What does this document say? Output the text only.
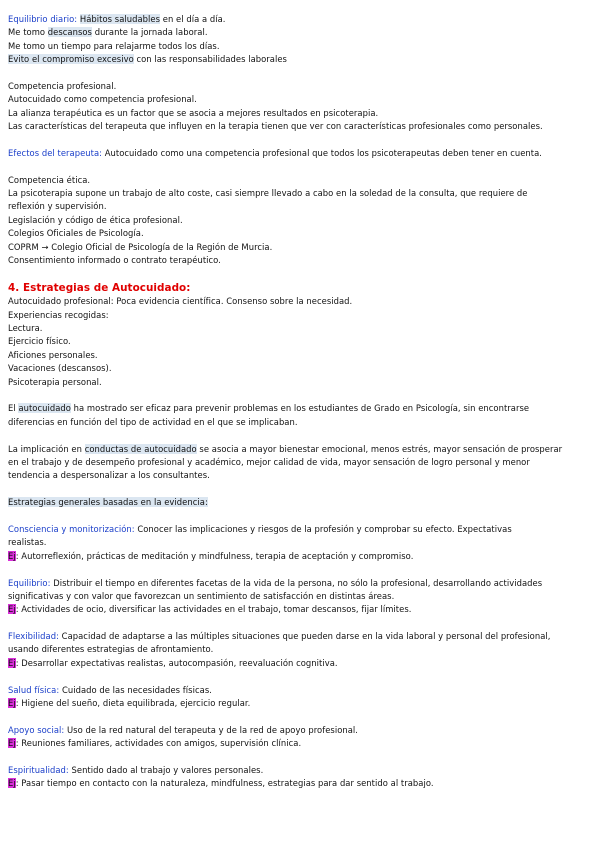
Equilibrio diario: Hábitos saludables en el día a día.
Me tomo descansos durante la jornada laboral.
Me tomo un tiempo para relajarme todos los días.
Evito el compromiso excesivo con las responsabilidades laborales
Competencia profesional.
Autocuidado como competencia profesional.
La alianza terapéutica es un factor que se asocia a mejores resultados en psicoterapia.
Las características del terapeuta que influyen en la terapia tienen que ver con características profesionales como personales.
Efectos del terapeuta: Autocuidado como una competencia profesional que todos los psicoterapeutas deben tener en cuenta.
Competencia ética.
La psicoterapia supone un trabajo de alto coste, casi siempre llevado a cabo en la soledad de la consulta, que requiere de
reflexión y supervisión.
Legislación y código de ética profesional.
Colegios Oficiales de Psicología.
COPRM → Colegio Oficial de Psicología de la Región de Murcia.
Consentimiento informado o contrato terapéutico.
4. Estrategias de Autocuidado:
Autocuidado profesional: Poca evidencia científica. Consenso sobre la necesidad.
Experiencias recogidas:
Lectura.
Ejercicio físico.
Aficiones personales.
Vacaciones (descansos).
Psicoterapia personal.
El autocuidado ha mostrado ser eficaz para prevenir problemas en los estudiantes de Grado en Psicología, sin encontrarse
diferencias en función del tipo de actividad en el que se implicaban.
La implicación en conductas de autocuidado se asocia a mayor bienestar emocional, menos estrés, mayor sensación de prosperar
en el trabajo y de desempeño profesional y académico, mejor calidad de vida, mayor sensación de logro personal y menor
tendencia a despersonalizar a los consultantes.
Estrategias generales basadas en la evidencia:
Consciencia y monitorización: Conocer las implicaciones y riesgos de la profesión y comprobar su efecto. Expectativas
realistas.
Ej: Autorreflexión, prácticas de meditación y mindfulness, terapia de aceptación y compromiso.
Equilibrio: Distribuir el tiempo en diferentes facetas de la vida de la persona, no sólo la profesional, desarrollando actividades
significativas y con valor que favorezcan un sentimiento de satisfacción en distintas áreas.
Ej: Actividades de ocio, diversificar las actividades en el trabajo, tomar descansos, fijar límites.
Flexibilidad: Capacidad de adaptarse a las múltiples situaciones que pueden darse en la vida laboral y personal del profesional,
usando diferentes estrategias de afrontamiento.
Ej: Desarrollar expectativas realistas, autocompasión, reevaluación cognitiva.
Salud física: Cuidado de las necesidades físicas.
Ej: Higiene del sueño, dieta equilibrada, ejercicio regular.
Apoyo social: Uso de la red natural del terapeuta y de la red de apoyo profesional.
Ej: Reuniones familiares, actividades con amigos, supervisión clínica.
Espiritualidad: Sentido dado al trabajo y valores personales.
Ej: Pasar tiempo en contacto con la naturaleza, mindfulness, estrategias para dar sentido al trabajo.
